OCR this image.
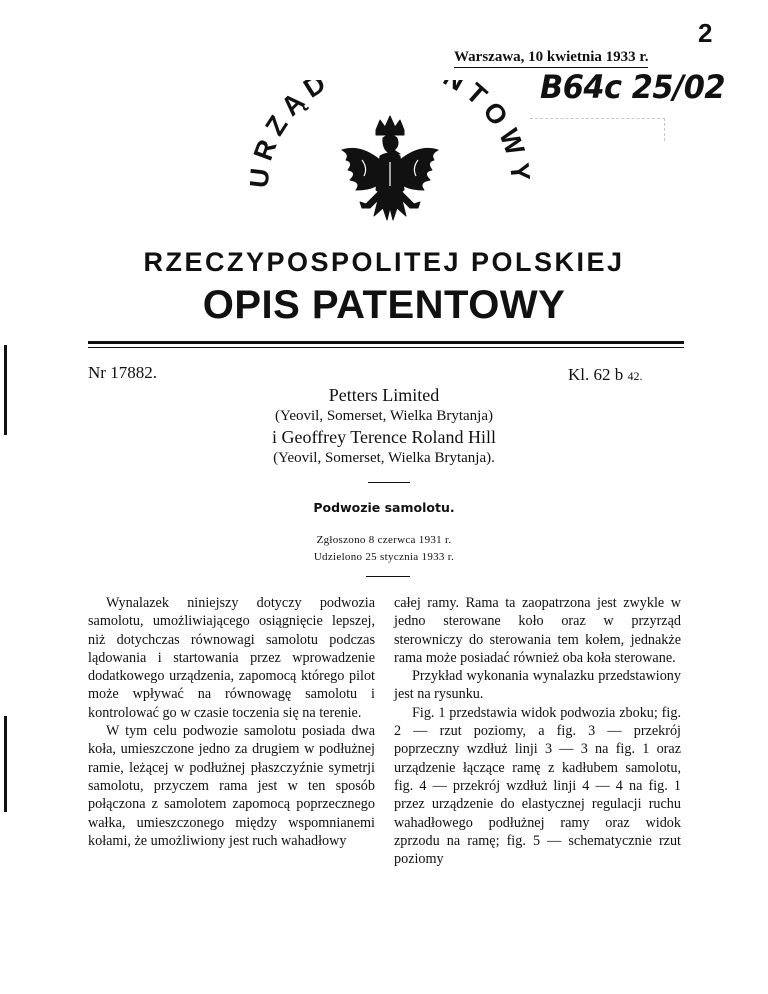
2
Warszawa, 10 kwietnia 1933 r.
B64c 25/02
RZĄD NTOW
RZECZYPOSPOLITEJ POLSKIEJ
OPIS PATENTOWY
Nr 17882.	Kl. 62 b 42.
Petters Limited
(Yeovil, Somerset, Wielka Brytanja)
i Geoffrey Terence Roland Hill
(Yeovil, Somerset, Wielka Brytanja).
Podwozie samolotu.
Zgłoszono 8 czerwca 1931 r.
Udzielono 25 stycznia 1933 r.

Wynalazek niniejszy dotyczy podwozia samolotu, umożliwiającego osiągnięcie lepszej, niż dotychczas równowagi samolotu podczas lądowania i startowania przez wprowadzenie dodatkowego urządzenia, zapomocą którego pilot może wpływać na równowagę samolotu i kontrolować go w czasie toczenia się na terenie.

W tym celu podwozie samolotu posiada dwa koła, umieszczone jedno za drugiem w podłużnej ramie, leżącej w podłużnej płaszczyźnie symetrji samolotu, przyczem rama jest w ten sposób połączona z samolotem zapomocą poprzecznego wałka, umieszczonego między wspomnianemi kołami, że umożliwiony jest ruch wahadłowy

całej ramy. Rama ta zaopatrzona jest zwykle w jedno sterowane koło oraz w przyrząd sterowniczy do sterowania tem kołem, jednakże rama może posiadać również oba koła sterowane.

Przykład wykonania wynalazku przedstawiony jest na rysunku.

Fig. 1 przedstawia widok podwozia zboku; fig. 2 — rzut poziomy, a fig. 3 — przekrój poprzeczny wzdłuż linji 3 — 3 na fig. 1 oraz urządzenie łączące ramę z kadłubem samolotu, fig. 4 — przekrój wzdłuż linji 4 — 4 na fig. 1 przez urządzenie do elastycznej regulacji ruchu wahadłowego podłużnej ramy oraz widok zprzodu na ramę; fig. 5 — schematycznie rzut poziomy
